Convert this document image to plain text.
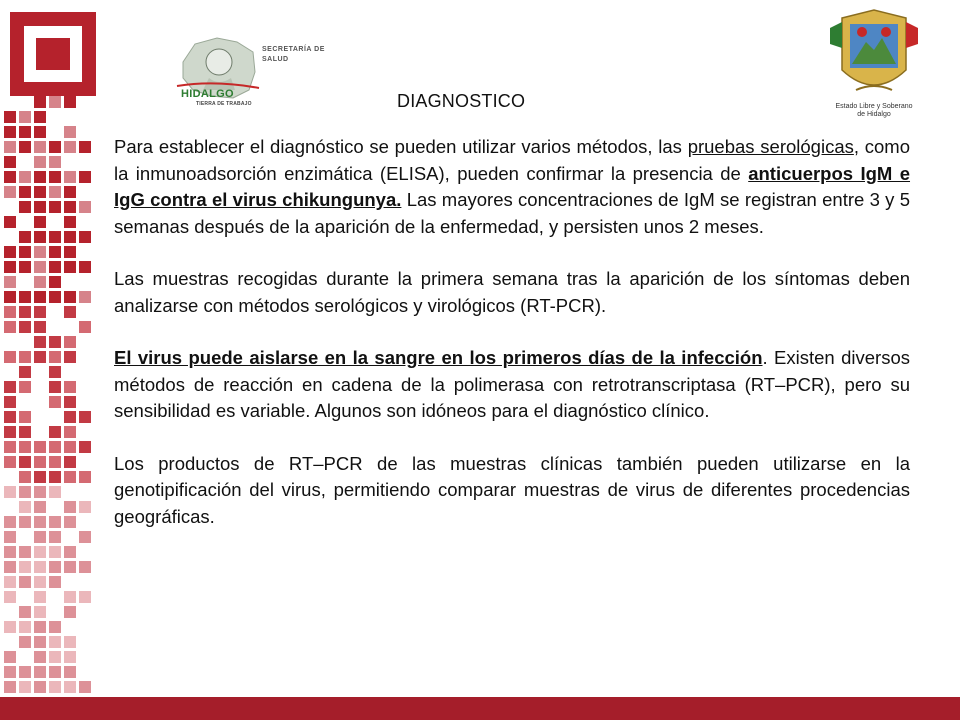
SECRETARÍA DE
SALUD
HIDALGO
TIERRA DE TRABAJO	Estado Libre y Soberano
de Hidalgo
DIAGNOSTICO

Para establecer el diagnóstico se pueden utilizar varios métodos, las pruebas serológicas, como la inmunoadsorción enzimática (ELISA), pueden confirmar la presencia de anticuerpos IgM e IgG contra el virus chikungunya. Las mayores concentraciones de IgM se registran entre 3 y 5 semanas después de la aparición de la enfermedad, y persisten unos 2 meses.

Las muestras recogidas durante la primera semana tras la aparición de los síntomas deben analizarse con métodos serológicos y virológicos (RT-PCR).

El virus puede aislarse en la sangre en los primeros días de la infección. Existen diversos métodos de reacción en cadena de la polimerasa con retrotranscriptasa (RT–PCR), pero su sensibilidad es variable. Algunos son idóneos para el diagnóstico clínico.

Los productos de RT–PCR de las muestras clínicas también pueden utilizarse en la genotipificación del virus, permitiendo comparar muestras de virus de diferentes procedencias geográficas.
